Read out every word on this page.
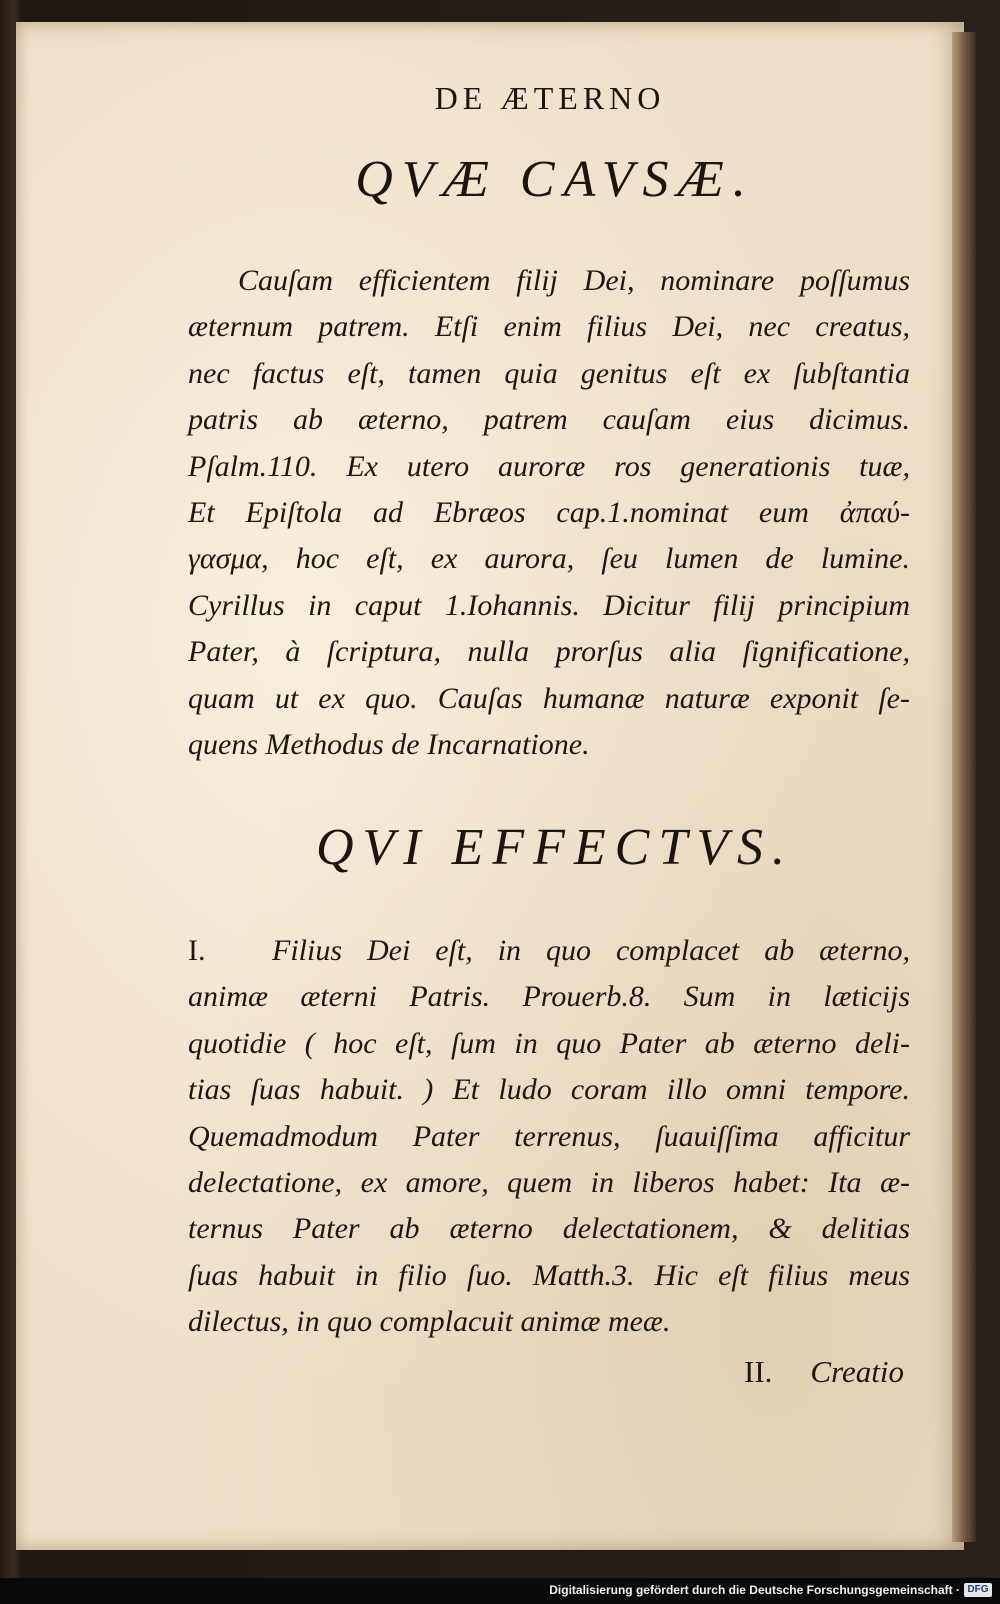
DE ÆTERNO
QVÆ CAVSÆ.
Cauſam efficientem filij Dei, nominare poſſumus
æternum patrem. Etſi enim filius Dei, nec creatus,
nec factus eſt, tamen quia genitus eſt ex ſubſtantia
patris ab æterno, patrem cauſam eius dicimus.
Pſalm.110. Ex utero auroræ ros generationis tuæ,
Et Epiſtola ad Ebræos cap.1.nominat eum ἀπαύ-
γασμα, hoc eſt, ex aurora, ſeu lumen de lumine.
Cyrillus in caput 1.Iohannis. Dicitur filij principium
Pater, à ſcriptura, nulla prorſus alia ſignificatione,
quam ut ex quo. Cauſas humanæ naturæ exponit ſe-
quens Methodus de Incarnatione.
QVI EFFECTVS.
I. Filius Dei eſt, in quo complacet ab æterno,
animæ æterni Patris. Prouerb.8. Sum in læticijs
quotidie ( hoc eſt, ſum in quo Pater ab æterno deli-
tias ſuas habuit. ) Et ludo coram illo omni tempore.
Quemadmodum Pater terrenus, ſuauiſſima afficitur
delectatione, ex amore, quem in liberos habet: Ita æ-
ternus Pater ab æterno delectationem, & delitias
ſuas habuit in filio ſuo. Matth.3. Hic eſt filius meus
dilectus, in quo complacuit animæ meæ.
II. Creatio
Digitalisierung gefördert durch die Deutsche Forschungsgemeinschaft · DFG
